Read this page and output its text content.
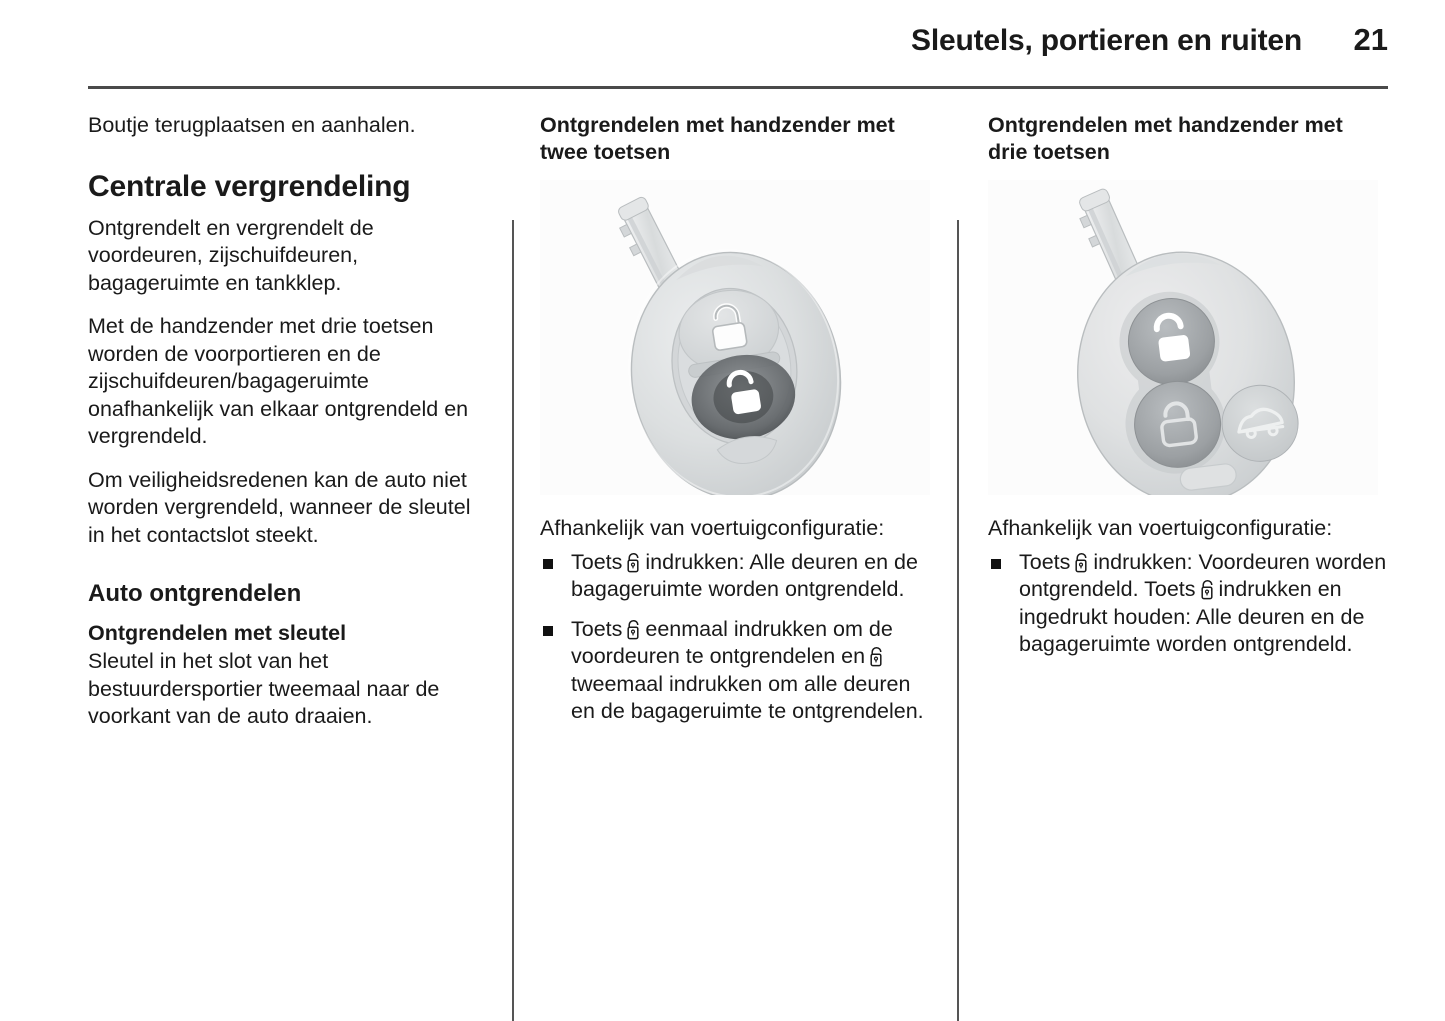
Sleutels, portieren en ruiten	21

Boutje terugplaatsen en aanhalen.

Centrale vergrendeling

Ontgrendelt en vergrendelt de voordeuren, zijschuifdeuren, bagageruimte en tankklep.

Met de handzender met drie toetsen worden de voorportieren en de zijschuifdeuren/bagageruimte onafhankelijk van elkaar ontgrendeld en vergrendeld.

Om veiligheidsredenen kan de auto niet worden vergrendeld, wanneer de sleutel in het contactslot steekt.

Auto ontgrendelen
Ontgrendelen met sleutel

Sleutel in het slot van het bestuurdersportier tweemaal naar de voorkant van de auto draaien.

Ontgrendelen met handzender met twee toetsen

Afhankelijk van voertuigconfiguratie:

Toets indrukken: Alle deuren en de bagageruimte worden ontgrendeld.
Toets eenmaal indrukken om de voordeuren te ontgrendelen en
tweemaal indrukken om alle deuren en de bagageruimte te ontgrendelen.
Ontgrendelen met handzender met drie toetsen

Afhankelijk van voertuigconfiguratie:

Toets indrukken: Voordeuren worden ontgrendeld. Toets indrukken en ingedrukt houden: Alle deuren en de bagageruimte worden ontgrendeld.
